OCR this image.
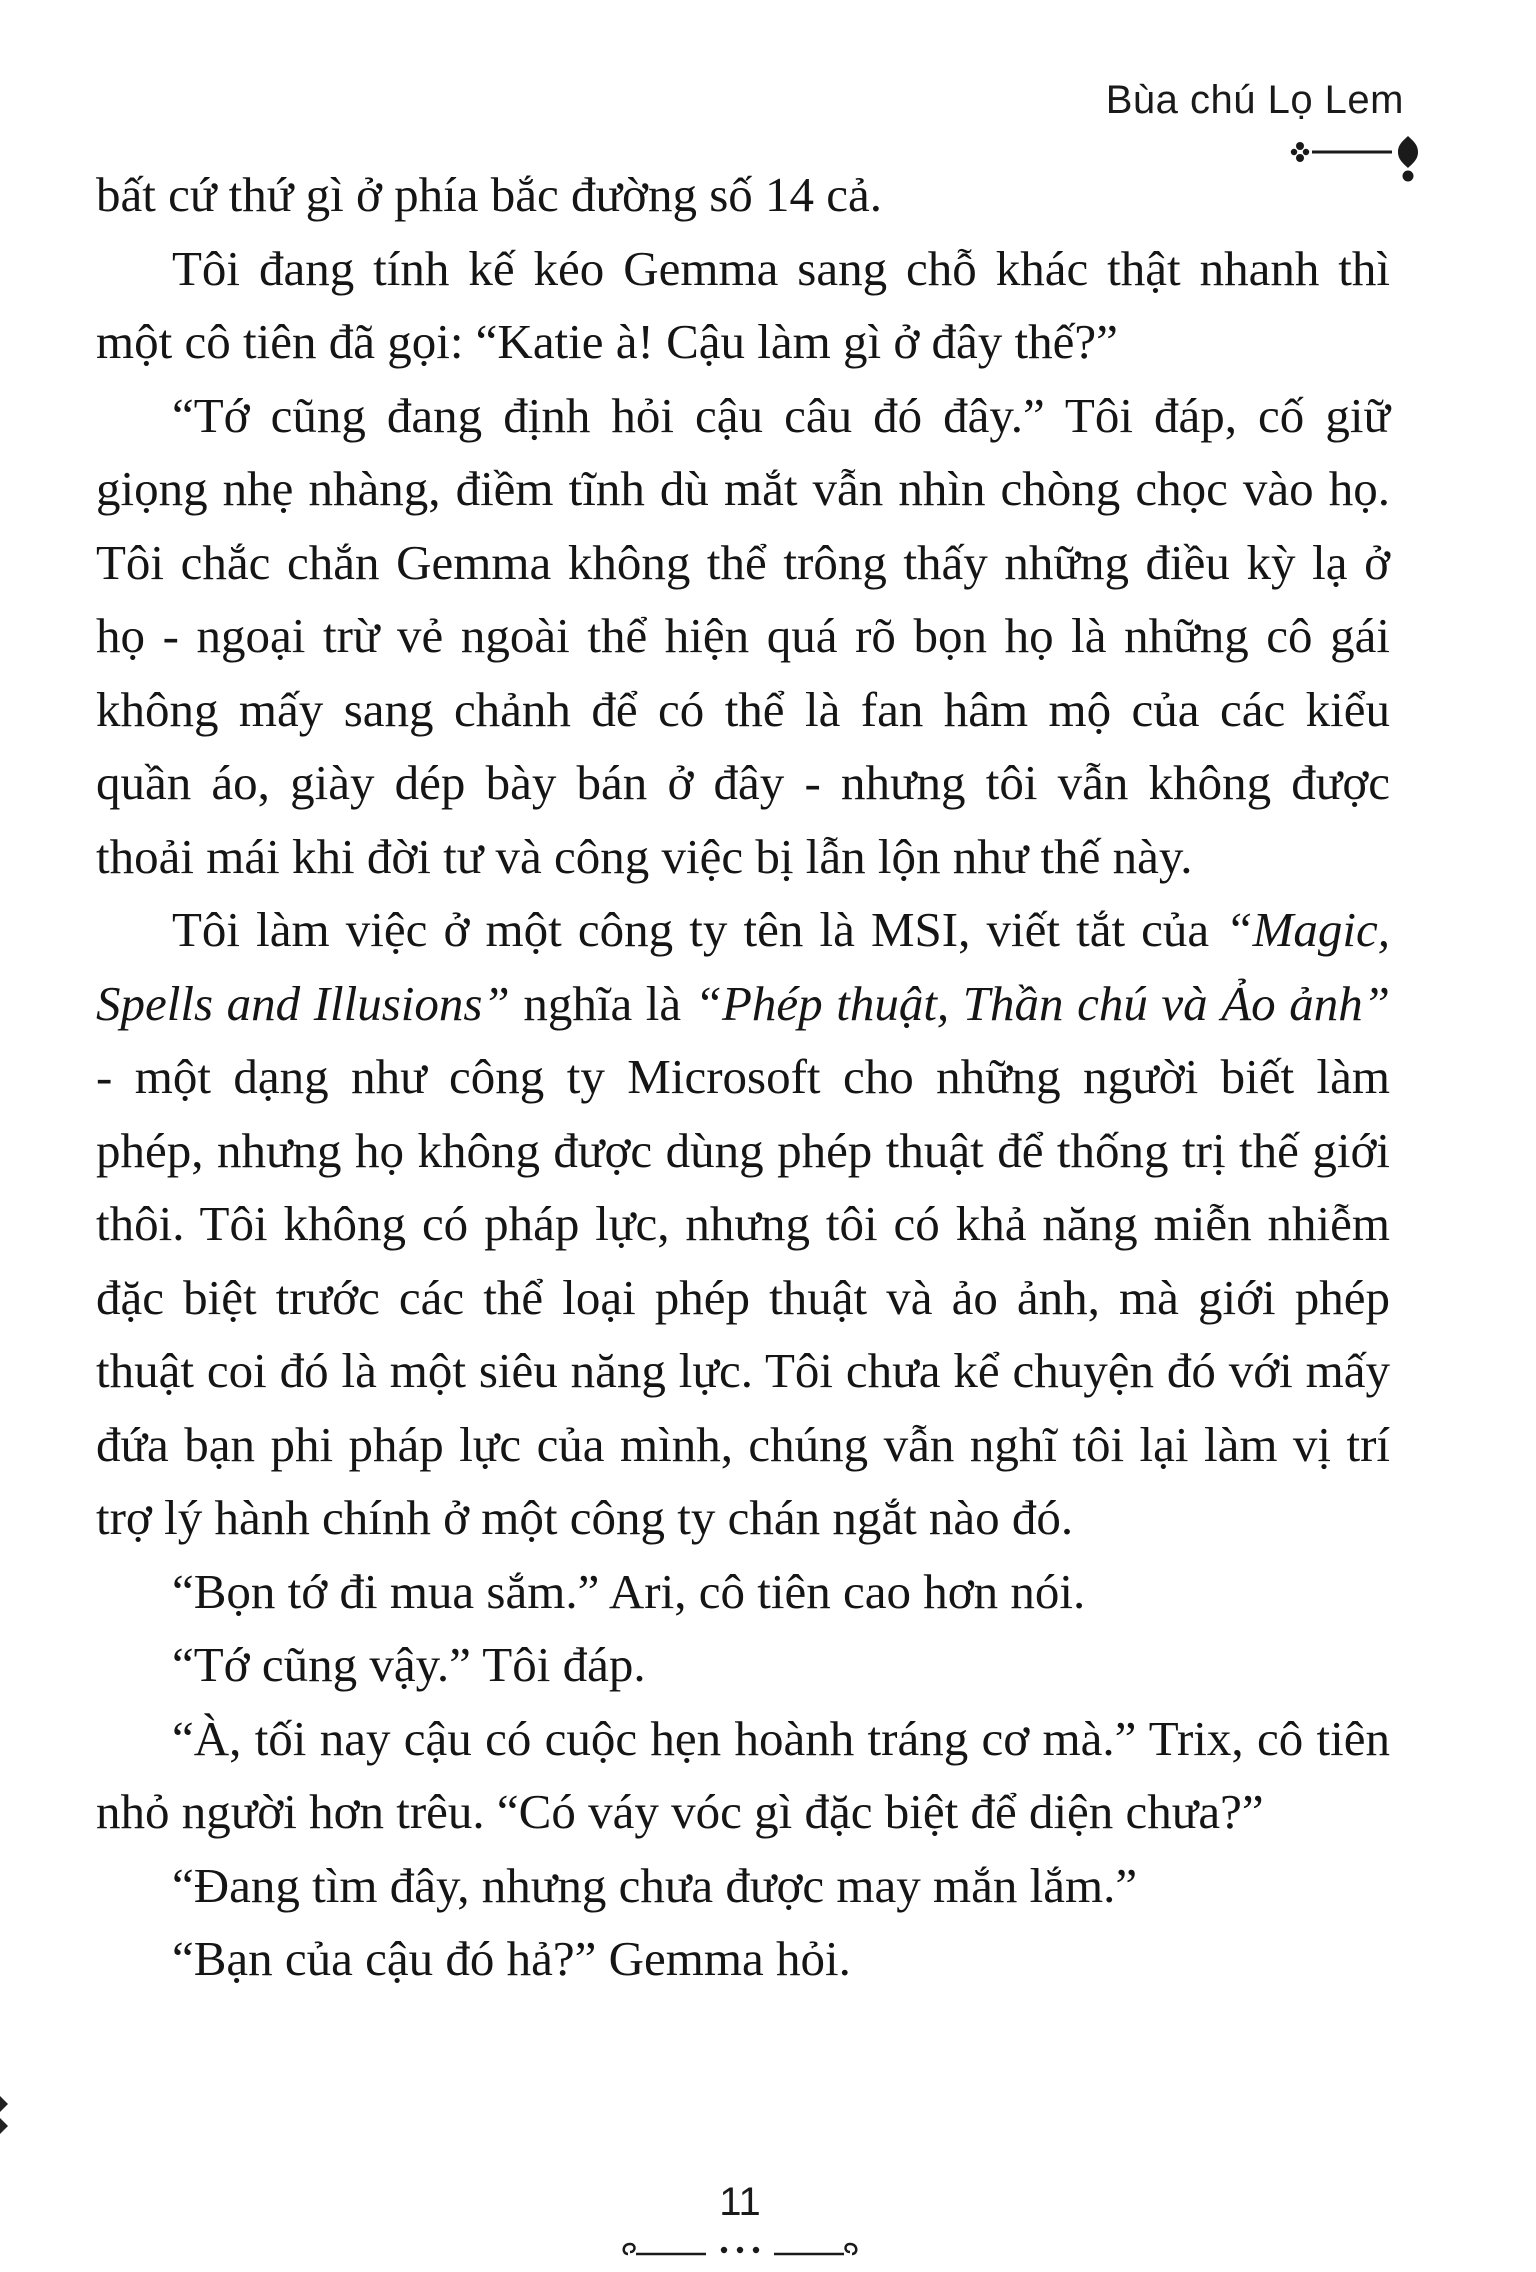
Bùa chú Lọ Lem

bất cứ thứ gì ở phía bắc đường số 14 cả.

Tôi đang tính kế kéo Gemma sang chỗ khác thật nhanh thì một cô tiên đã gọi: “Katie à! Cậu làm gì ở đây thế?”

“Tớ cũng đang định hỏi cậu câu đó đây.” Tôi đáp, cố giữ giọng nhẹ nhàng, điềm tĩnh dù mắt vẫn nhìn chòng chọc vào họ. Tôi chắc chắn Gemma không thể trông thấy những điều kỳ lạ ở họ - ngoại trừ vẻ ngoài thể hiện quá rõ bọn họ là những cô gái không mấy sang chảnh để có thể là fan hâm mộ của các kiểu quần áo, giày dép bày bán ở đây - nhưng tôi vẫn không được thoải mái khi đời tư và công việc bị lẫn lộn như thế này.

Tôi làm việc ở một công ty tên là MSI, viết tắt của “Magic, Spells and Illusions” nghĩa là “Phép thuật, Thần chú và Ảo ảnh” - một dạng như công ty Microsoft cho những người biết làm phép, nhưng họ không được dùng phép thuật để thống trị thế giới thôi. Tôi không có pháp lực, nhưng tôi có khả năng miễn nhiễm đặc biệt trước các thể loại phép thuật và ảo ảnh, mà giới phép thuật coi đó là một siêu năng lực. Tôi chưa kể chuyện đó với mấy đứa bạn phi pháp lực của mình, chúng vẫn nghĩ tôi lại làm vị trí trợ lý hành chính ở một công ty chán ngắt nào đó.

“Bọn tớ đi mua sắm.” Ari, cô tiên cao hơn nói.

“Tớ cũng vậy.” Tôi đáp.

“À, tối nay cậu có cuộc hẹn hoành tráng cơ mà.” Trix, cô tiên nhỏ người hơn trêu. “Có váy vóc gì đặc biệt để diện chưa?”

“Đang tìm đây, nhưng chưa được may mắn lắm.”

“Bạn của cậu đó hả?” Gemma hỏi.

11
